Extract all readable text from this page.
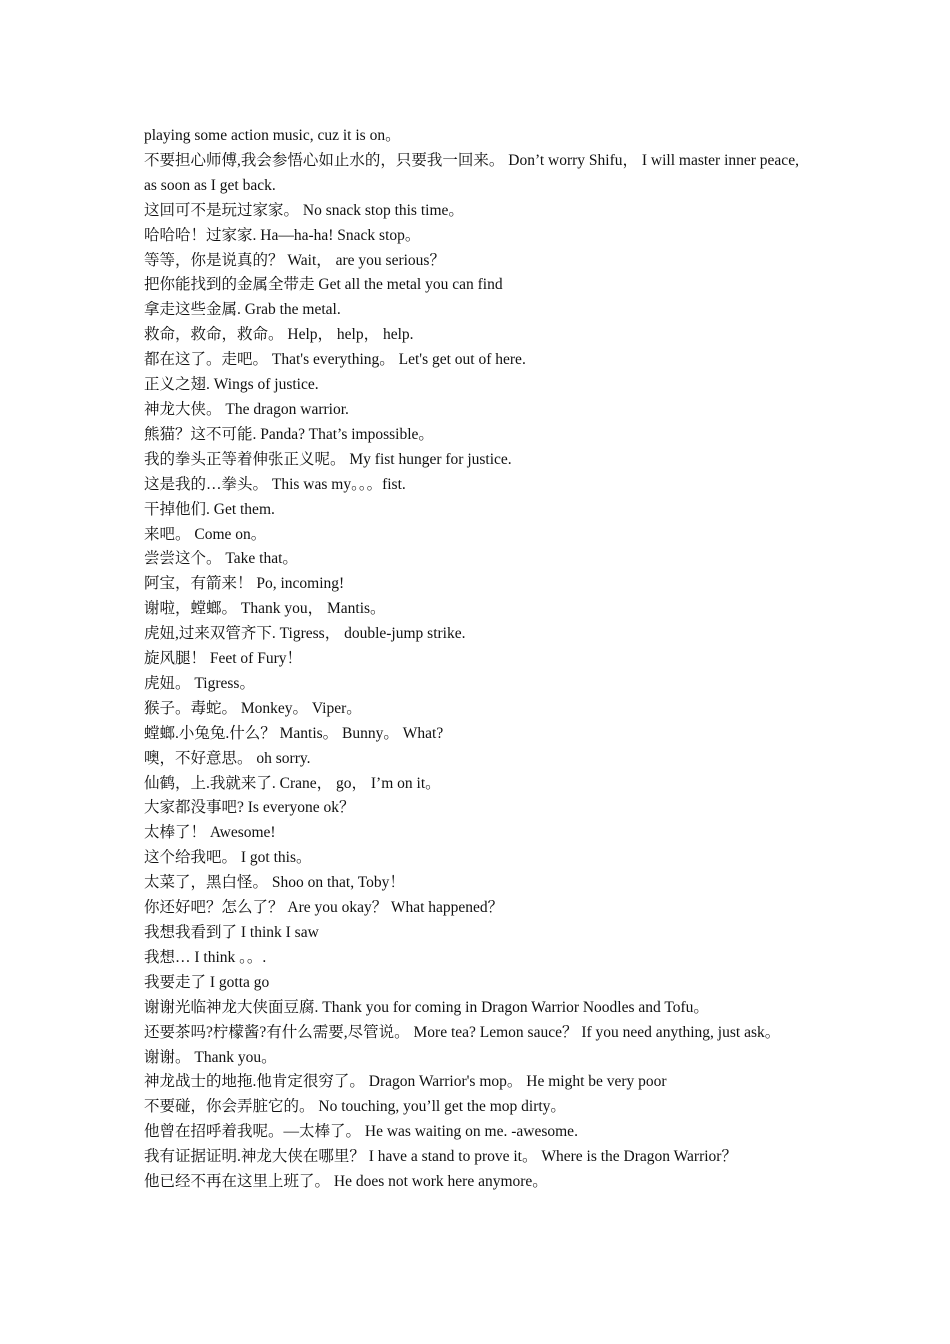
playing some action music, cuz it is on。

不要担心师傅,我会参悟心如止水的，只要我一回来。 Don’t worry Shifu， I will master inner peace, as soon as I get back.

这回可不是玩过家家。 No snack stop this time。

哈哈哈！过家家. Ha—ha-ha! Snack stop。

等等，你是说真的？ Wait， are you serious？

把你能找到的金属全带走 Get all the metal you can find

拿走这些金属. Grab the metal.

救命，救命，救命。 Help， help， help.

都在这了。走吧。 That's everything。 Let's get out of here.

正义之翅. Wings of justice.

神龙大侠。 The dragon warrior.

熊猫？这不可能. Panda? That’s impossible。

我的拳头正等着伸张正义呢。 My fist hunger for justice.

这是我的…拳头。 This was my。。。fist.

干掉他们. Get them.

来吧。 Come on。

尝尝这个。 Take that。

阿宝，有箭来！ Po, incoming!

谢啦，螳螂。 Thank you， Mantis。

虎妞,过来双管齐下. Tigress， double-jump strike.

旋风腿！ Feet of Fury！

虎妞。 Tigress。

猴子。毒蛇。 Monkey。 Viper。

螳螂.小兔兔.什么？ Mantis。 Bunny。 What?

噢，不好意思。 oh sorry.

仙鹤，上.我就来了. Crane， go， I’m on it。

大家都没事吧? Is everyone ok？

太棒了！ Awesome!

这个给我吧。 I got this。

太菜了，黑白怪。 Shoo on that, Toby！

你还好吧？怎么了？ Are you okay？ What happened？

我想我看到了 I think I saw

我想… I think 。。.

我要走了 I gotta go

谢谢光临神龙大侠面豆腐. Thank you for coming in Dragon Warrior Noodles and Tofu。

还要茶吗?柠檬酱?有什么需要,尽管说。 More tea? Lemon sauce？ If you need anything, just ask。

谢谢。 Thank you。

神龙战士的地拖.他肯定很穷了。 Dragon Warrior's mop。 He might be very poor

不要碰，你会弄脏它的。 No touching, you’ll get the mop dirty。

他曾在招呼着我呢。—太棒了。 He was waiting on me. -awesome.

我有证据证明.神龙大侠在哪里？ I have a stand to prove it。 Where is the Dragon Warrior？

他已经不再在这里上班了。 He does not work here anymore。
